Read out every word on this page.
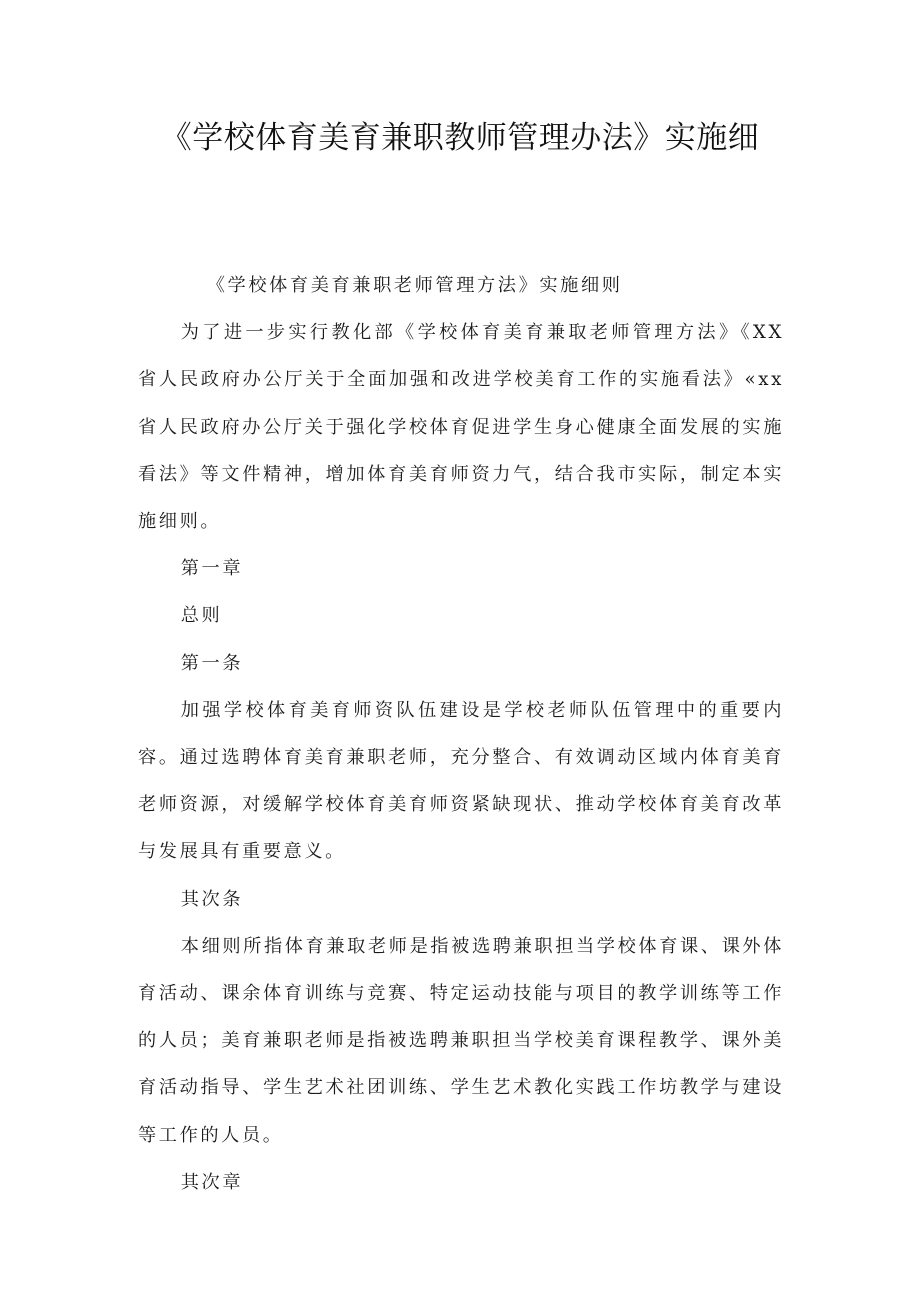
《学校体育美育兼职教师管理办法》实施细

《学校体育美育兼职老师管理方法》实施细则

为了进一步实行教化部《学校体育美育兼取老师管理方法》《XX省人民政府办公厅关于全面加强和改进学校美育工作的实施看法》«xx省人民政府办公厅关于强化学校体育促进学生身心健康全面发展的实施看法》等文件精神，增加体育美育师资力气，结合我市实际，制定本实施细则。

第一章

总则

第一条

加强学校体育美育师资队伍建设是学校老师队伍管理中的重要内容。通过选聘体育美育兼职老师，充分整合、有效调动区域内体育美育老师资源，对缓解学校体育美育师资紧缺现状、推动学校体育美育改革与发展具有重要意义。

其次条

本细则所指体育兼取老师是指被选聘兼职担当学校体育课、课外体育活动、课余体育训练与竞赛、特定运动技能与项目的教学训练等工作的人员；美育兼职老师是指被选聘兼职担当学校美育课程教学、课外美育活动指导、学生艺术社团训练、学生艺术教化实践工作坊教学与建设等工作的人员。

其次章
